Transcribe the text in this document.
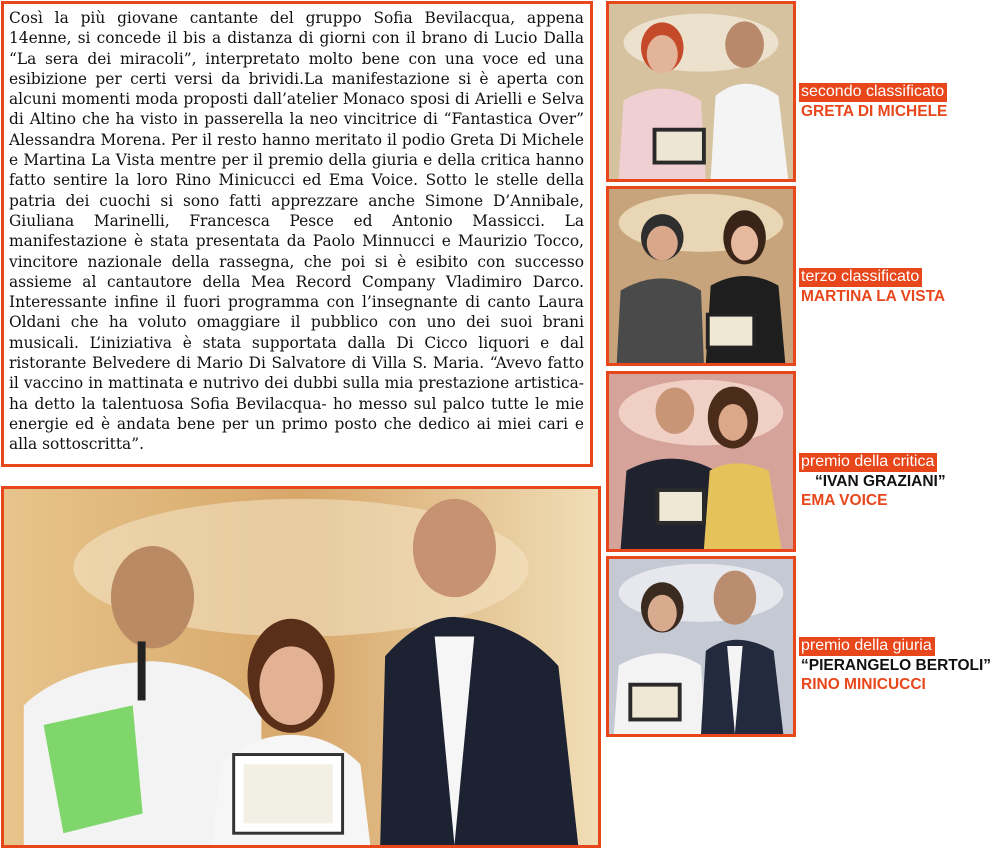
Così la più giovane cantante del gruppo Sofia Bevilacqua, appena 14enne, si concede il bis a distanza di giorni con il brano di Lucio Dalla “La sera dei miracoli”, interpretato molto bene con una voce ed una esibizione per certi versi da brividi.La manifestazione si è aperta con alcuni momenti moda proposti dall’atelier Monaco sposi di Arielli e Selva di Altino che ha visto in passerella la neo vincitrice di “Fantastica Over” Alessandra Morena. Per il resto hanno meritato il podio Greta Di Michele e Martina La Vista mentre per il premio della giuria e della critica hanno fatto sentire la loro Rino Minicucci ed Ema Voice. Sotto le stelle della patria dei cuochi si sono fatti apprezzare anche Simone D’Annibale, Giuliana Marinelli, Francesca Pesce ed Antonio Massicci. La manifestazione è stata presentata da Paolo Minnucci e Maurizio Tocco, vincitore nazionale della rassegna, che poi si è esibito con successo assieme al cantautore della Mea Record Company Vladimiro Darco. Interessante infine il fuori programma con l’insegnante di canto Laura Oldani che ha voluto omaggiare il pubblico con uno dei suoi brani musicali. L’iniziativa è stata supportata dalla Di Cicco liquori e dal ristorante Belvedere di Mario Di Salvatore di Villa S. Maria. “Avevo fatto il vaccino in mattinata e nutrivo dei dubbi sulla mia prestazione artistica-ha detto la talentuosa Sofia Bevilacqua- ho messo sul palco tutte le mie energie ed è andata bene per un primo posto che dedico ai miei cari e alla sottoscritta”.

secondo classificato
GRETA DI MICHELE
terzo classificato
MARTINA LA VISTA
premio della critica
“IVAN GRAZIANI”
EMA VOICE
premio della giuria
“PIERANGELO BERTOLI”
RINO MINICUCCI
